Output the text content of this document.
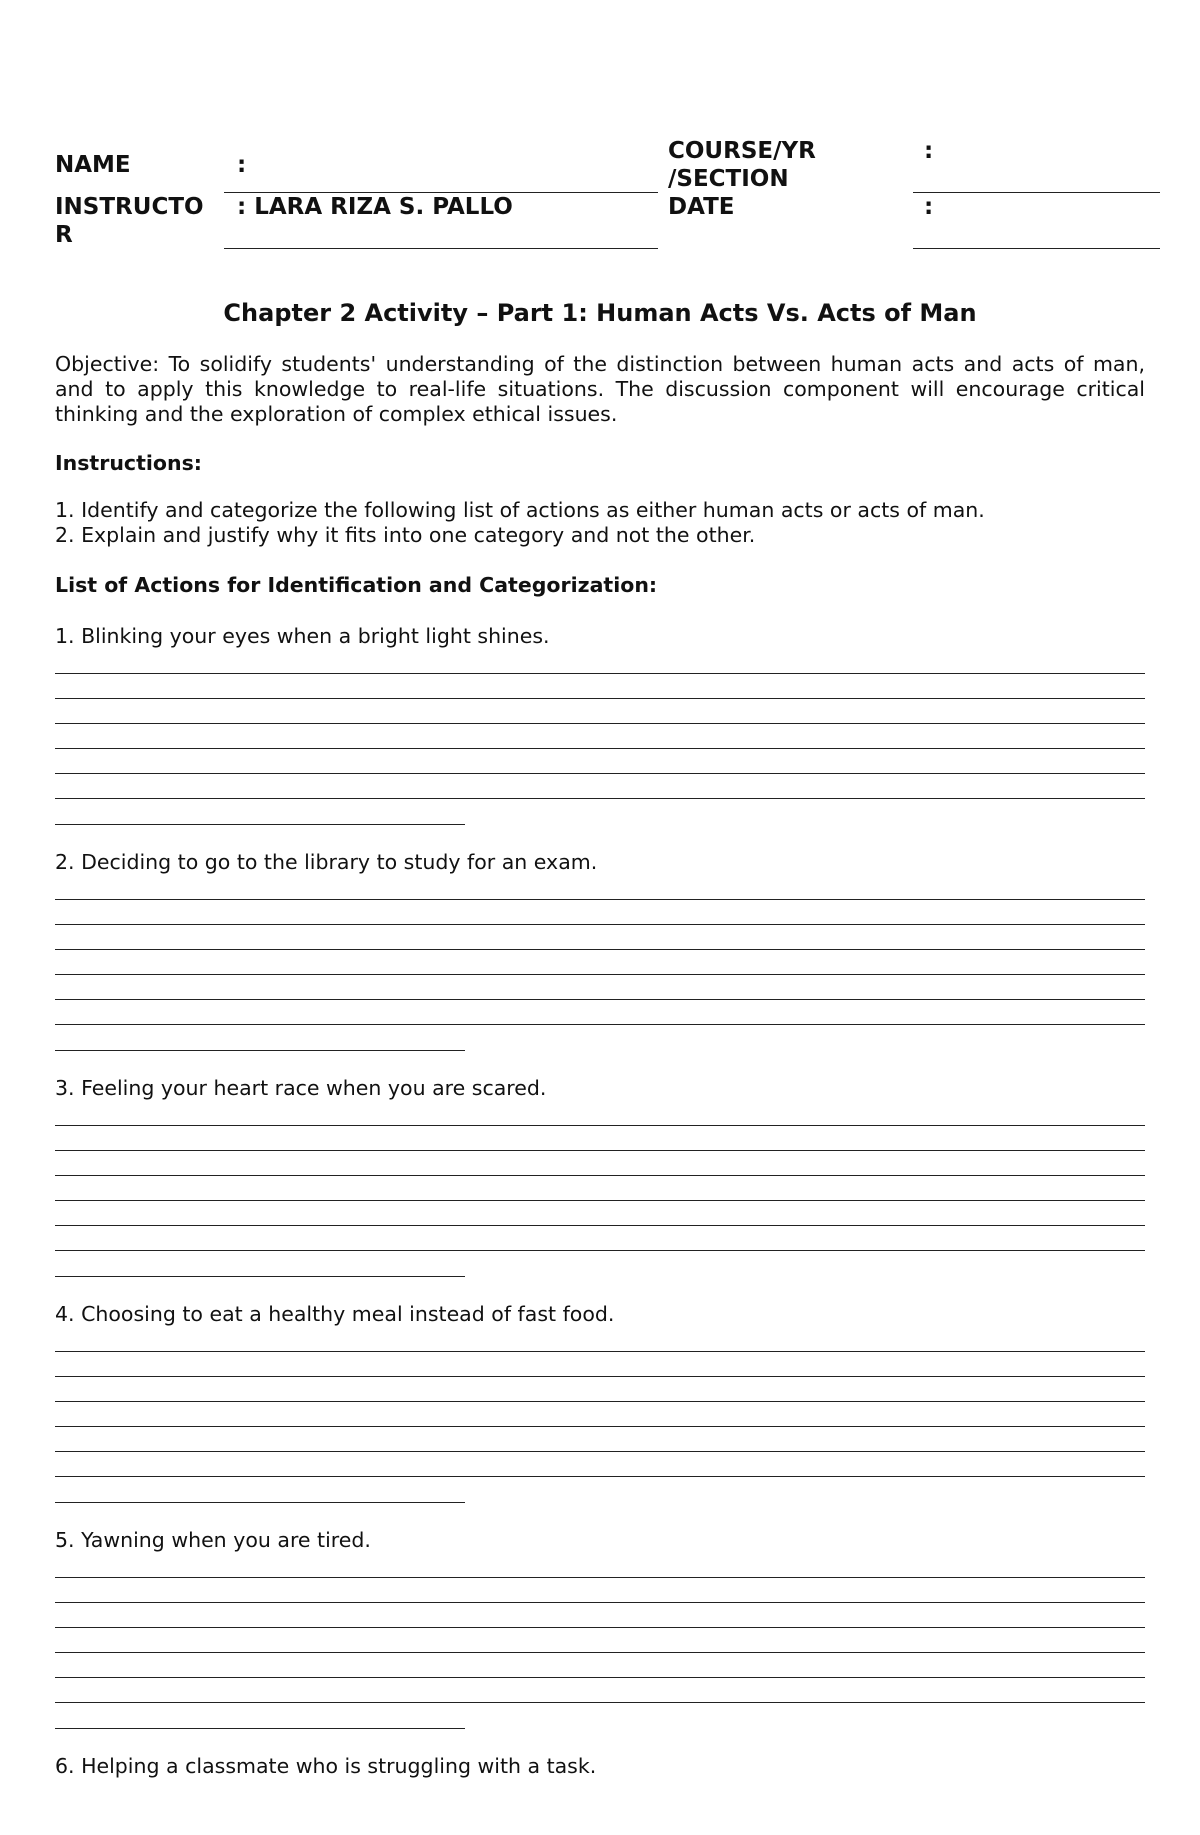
NAME	:
INSTRUCTO
R
: LARA RIZA S. PALLO
COURSE/YR
/SECTION
:
DATE	:
Chapter 2 Activity – Part 1: Human Acts Vs. Acts of Man
Objective: To solidify students' understanding of the distinction between human acts and acts of man, and to apply this knowledge to real-life situations. The discussion component will encourage critical thinking and the exploration of complex ethical issues.
Instructions:
1. Identify and categorize the following list of actions as either human acts or acts of man.
2. Explain and justify why it fits into one category and not the other.
List of Actions for Identification and Categorization:
1. Blinking your eyes when a bright light shines.
2. Deciding to go to the library to study for an exam.
3. Feeling your heart race when you are scared.
4. Choosing to eat a healthy meal instead of fast food.
5. Yawning when you are tired.
6. Helping a classmate who is struggling with a task.
